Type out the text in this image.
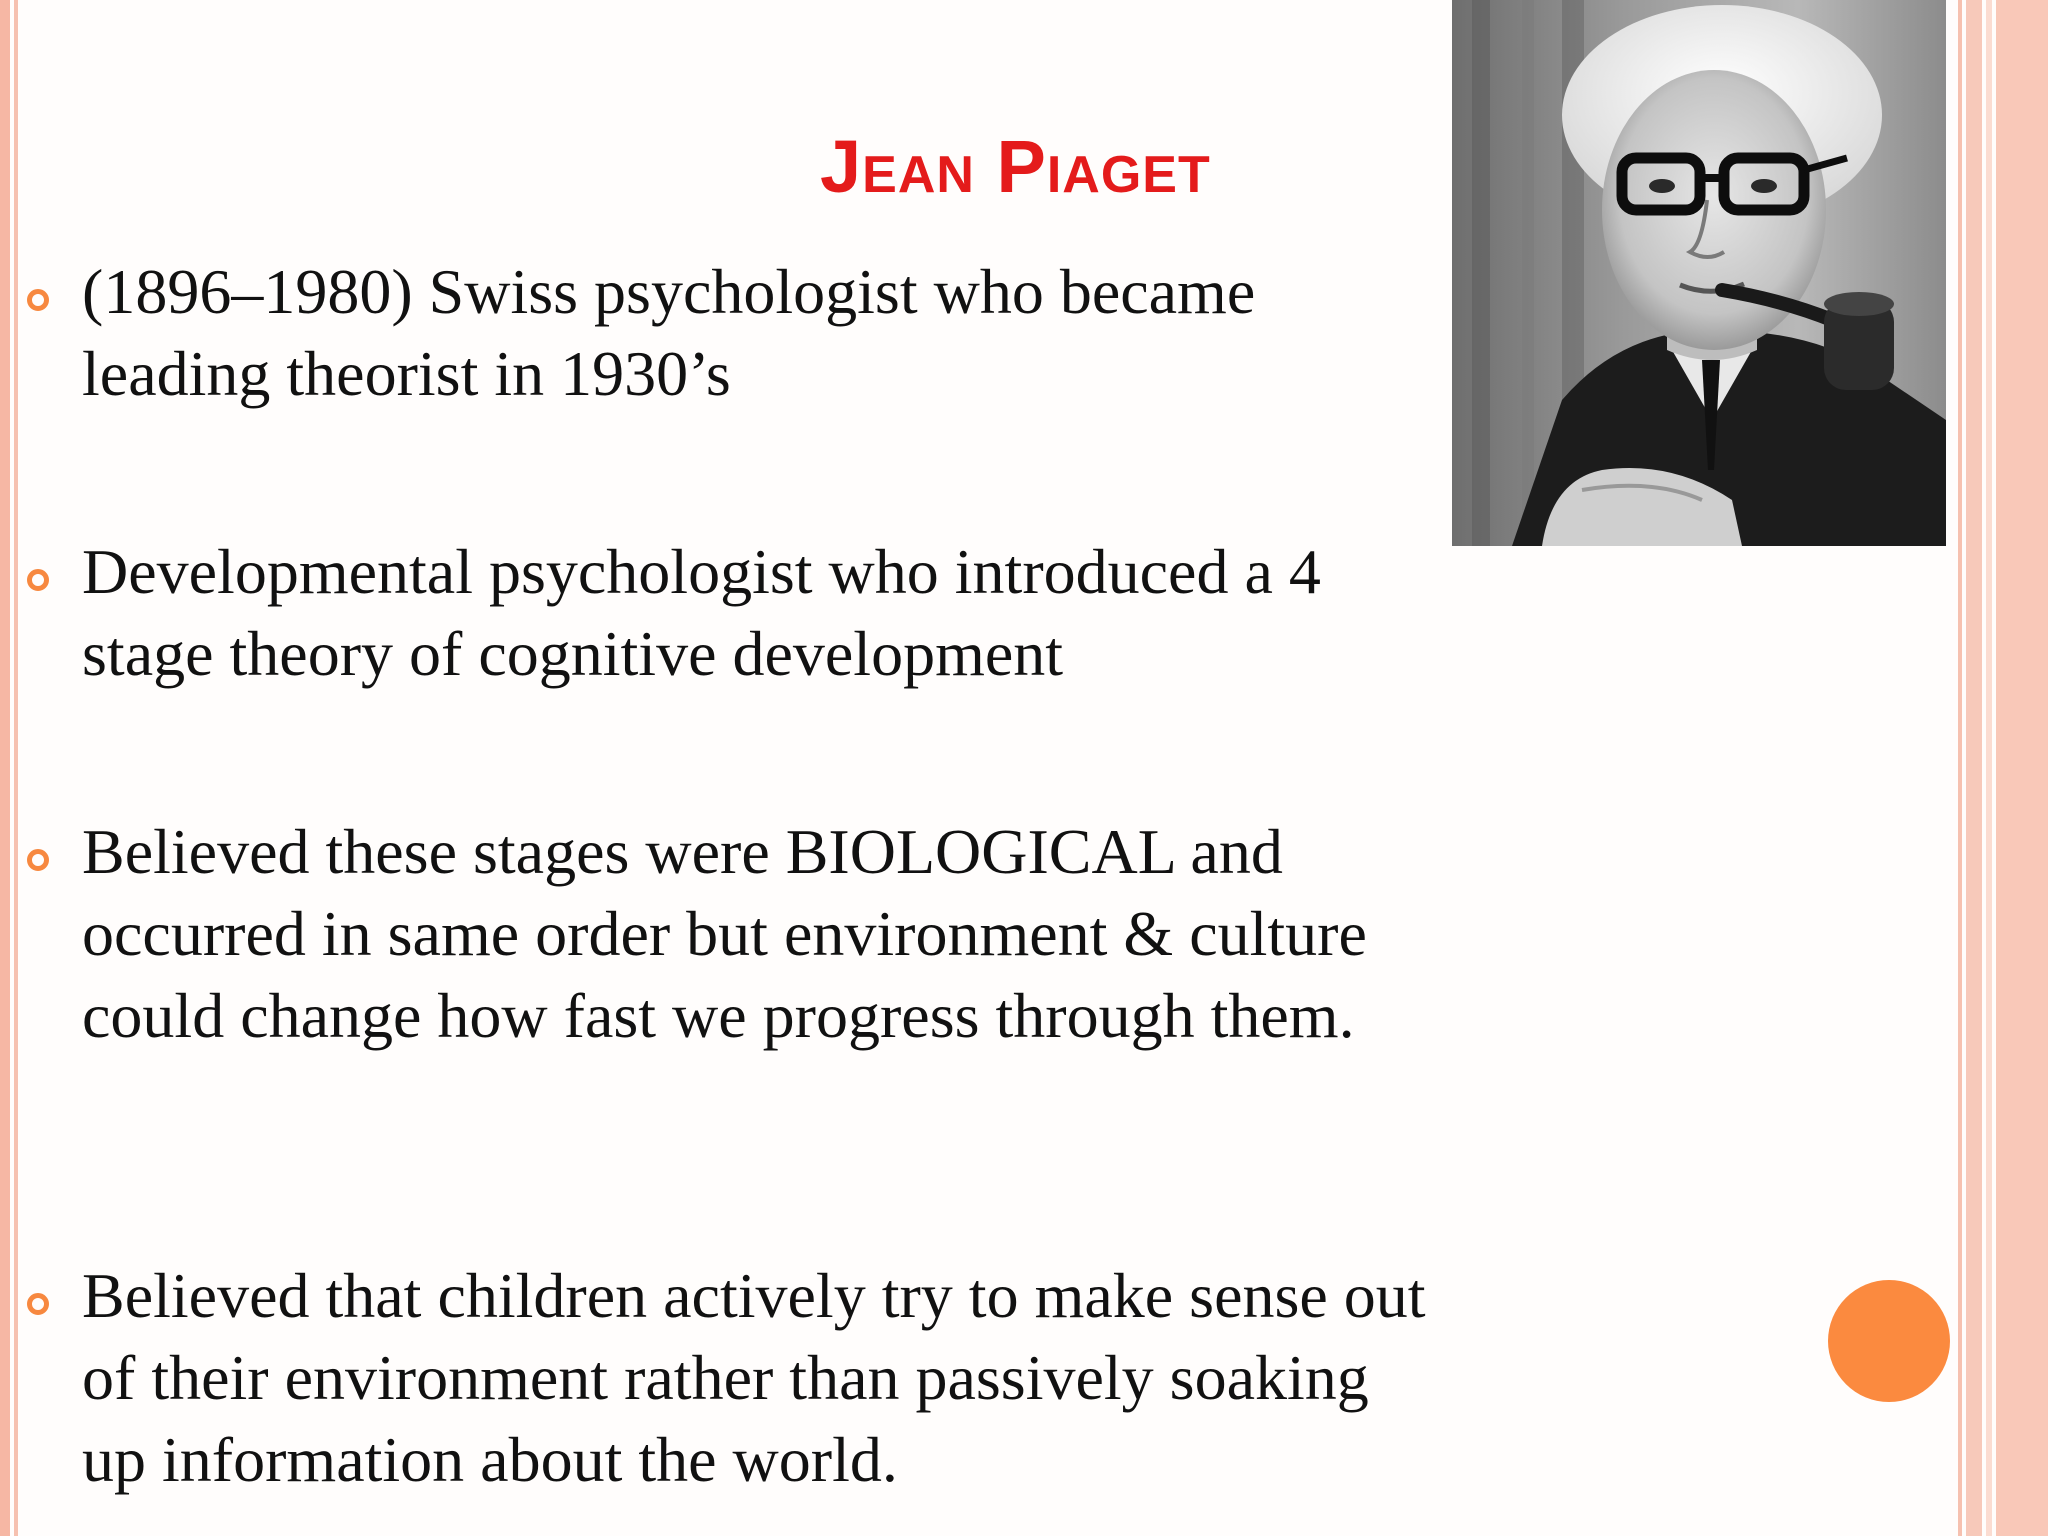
Jean Piaget
(1896–1980) Swiss psychologist who became leading theorist in 1930’s
Developmental psychologist who introduced a 4 stage theory of cognitive development
Believed these stages were BIOLOGICAL and occurred in same order but environment & culture could change how fast we progress through them.
Believed that children actively try to make sense out of their environment rather than passively soaking up information about the world.
